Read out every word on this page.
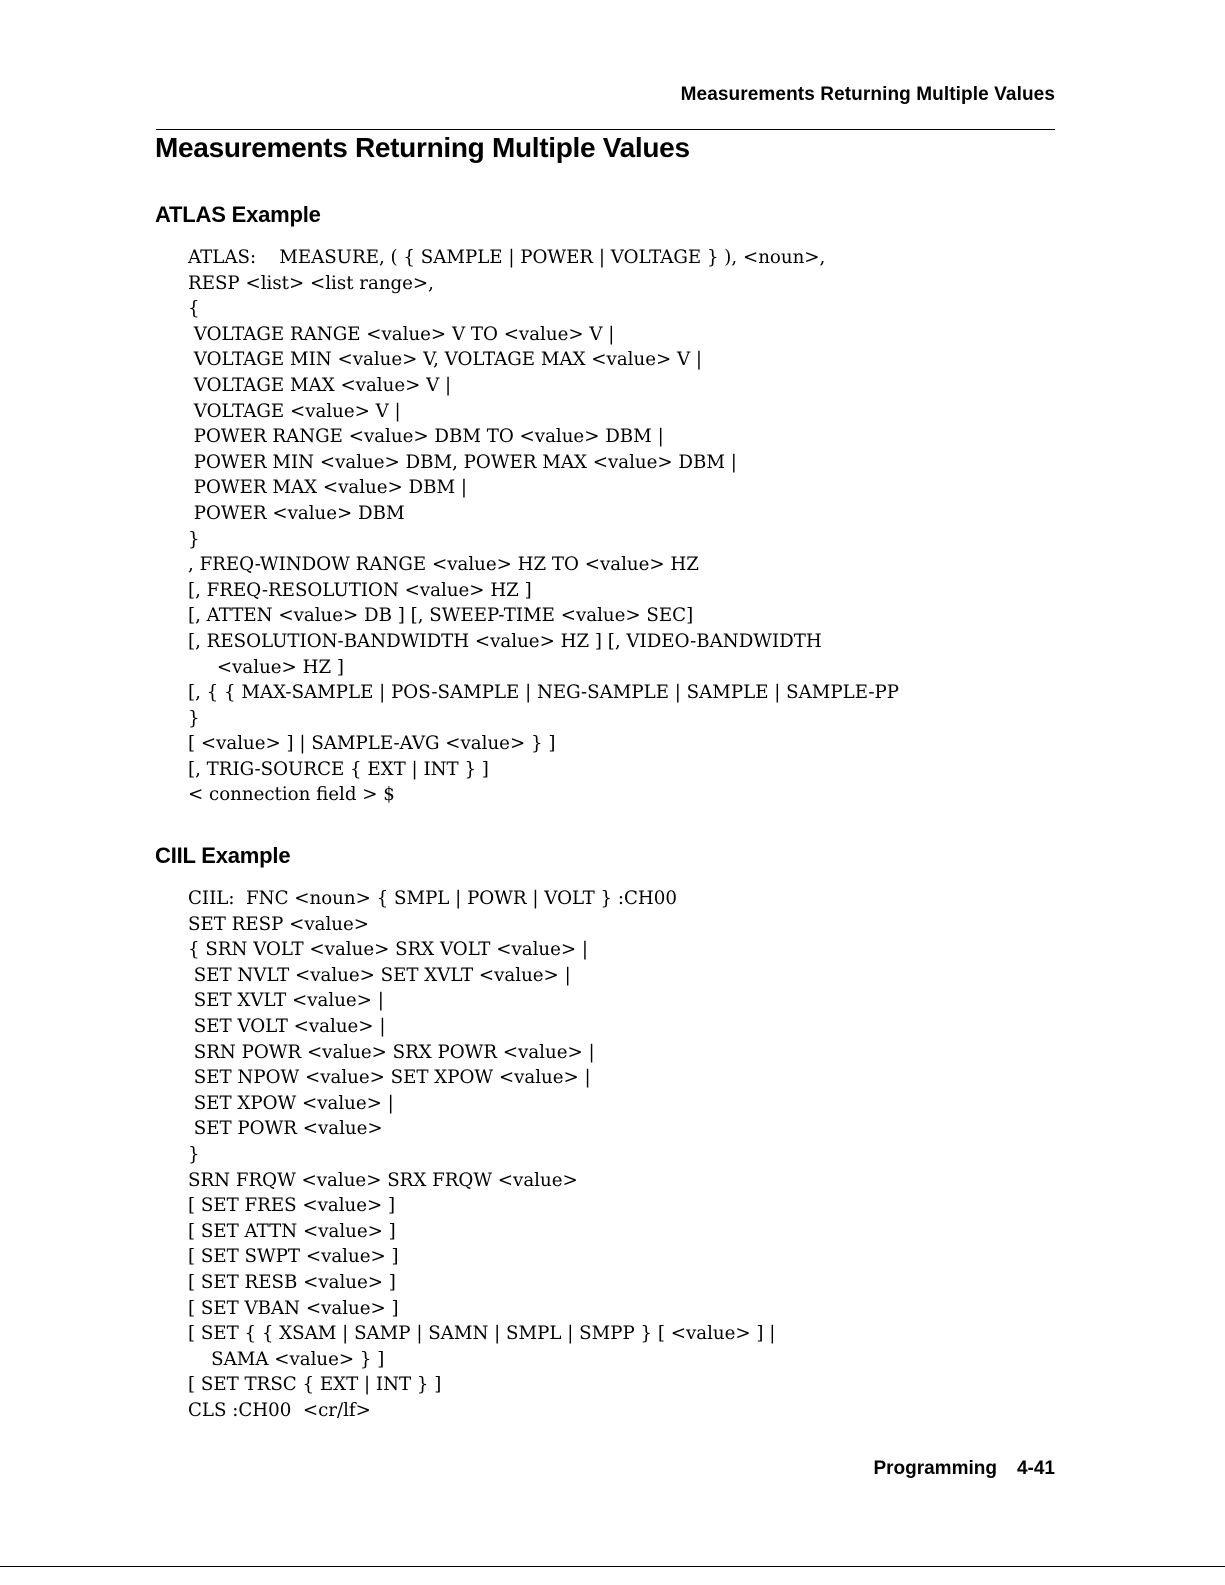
Measurements Returning Multiple Values
Measurements Returning Multiple Values
ATLAS Example
ATLAS:    MEASURE, ( { SAMPLE | POWER | VOLTAGE } ), <noun>,
RESP <list> <list range>,
{
VOLTAGE RANGE <value> V TO <value> V |
VOLTAGE MIN <value> V, VOLTAGE MAX <value> V |
VOLTAGE MAX <value> V |
VOLTAGE <value> V |
POWER RANGE <value> DBM TO <value> DBM |
POWER MIN <value> DBM, POWER MAX <value> DBM |
POWER MAX <value> DBM |
POWER <value> DBM
}
, FREQ-WINDOW RANGE <value> HZ TO <value> HZ
[, FREQ-RESOLUTION <value> HZ ]
[, ATTEN <value> DB ] [, SWEEP-TIME <value> SEC]
[, RESOLUTION-BANDWIDTH <value> HZ ] [, VIDEO-BANDWIDTH
<value> HZ ]
[, { { MAX-SAMPLE | POS-SAMPLE | NEG-SAMPLE | SAMPLE | SAMPLE-PP
}
[ <value> ] | SAMPLE-AVG <value> } ]
[, TRIG-SOURCE { EXT | INT } ]
< connection field > $
CIIL Example
CIIL:  FNC <noun> { SMPL | POWR | VOLT } :CH00
SET RESP <value>
{ SRN VOLT <value> SRX VOLT <value> |
SET NVLT <value> SET XVLT <value> |
SET XVLT <value> |
SET VOLT <value> |
SRN POWR <value> SRX POWR <value> |
SET NPOW <value> SET XPOW <value> |
SET XPOW <value> |
SET POWR <value>
}
SRN FRQW <value> SRX FRQW <value>
[ SET FRES <value> ]
[ SET ATTN <value> ]
[ SET SWPT <value> ]
[ SET RESB <value> ]
[ SET VBAN <value> ]
[ SET { { XSAM | SAMP | SAMN | SMPL | SMPP } [ <value> ] |
SAMA <value> } ]
[ SET TRSC { EXT | INT } ]
CLS :CH00  <cr/lf>
Programming 4-41
